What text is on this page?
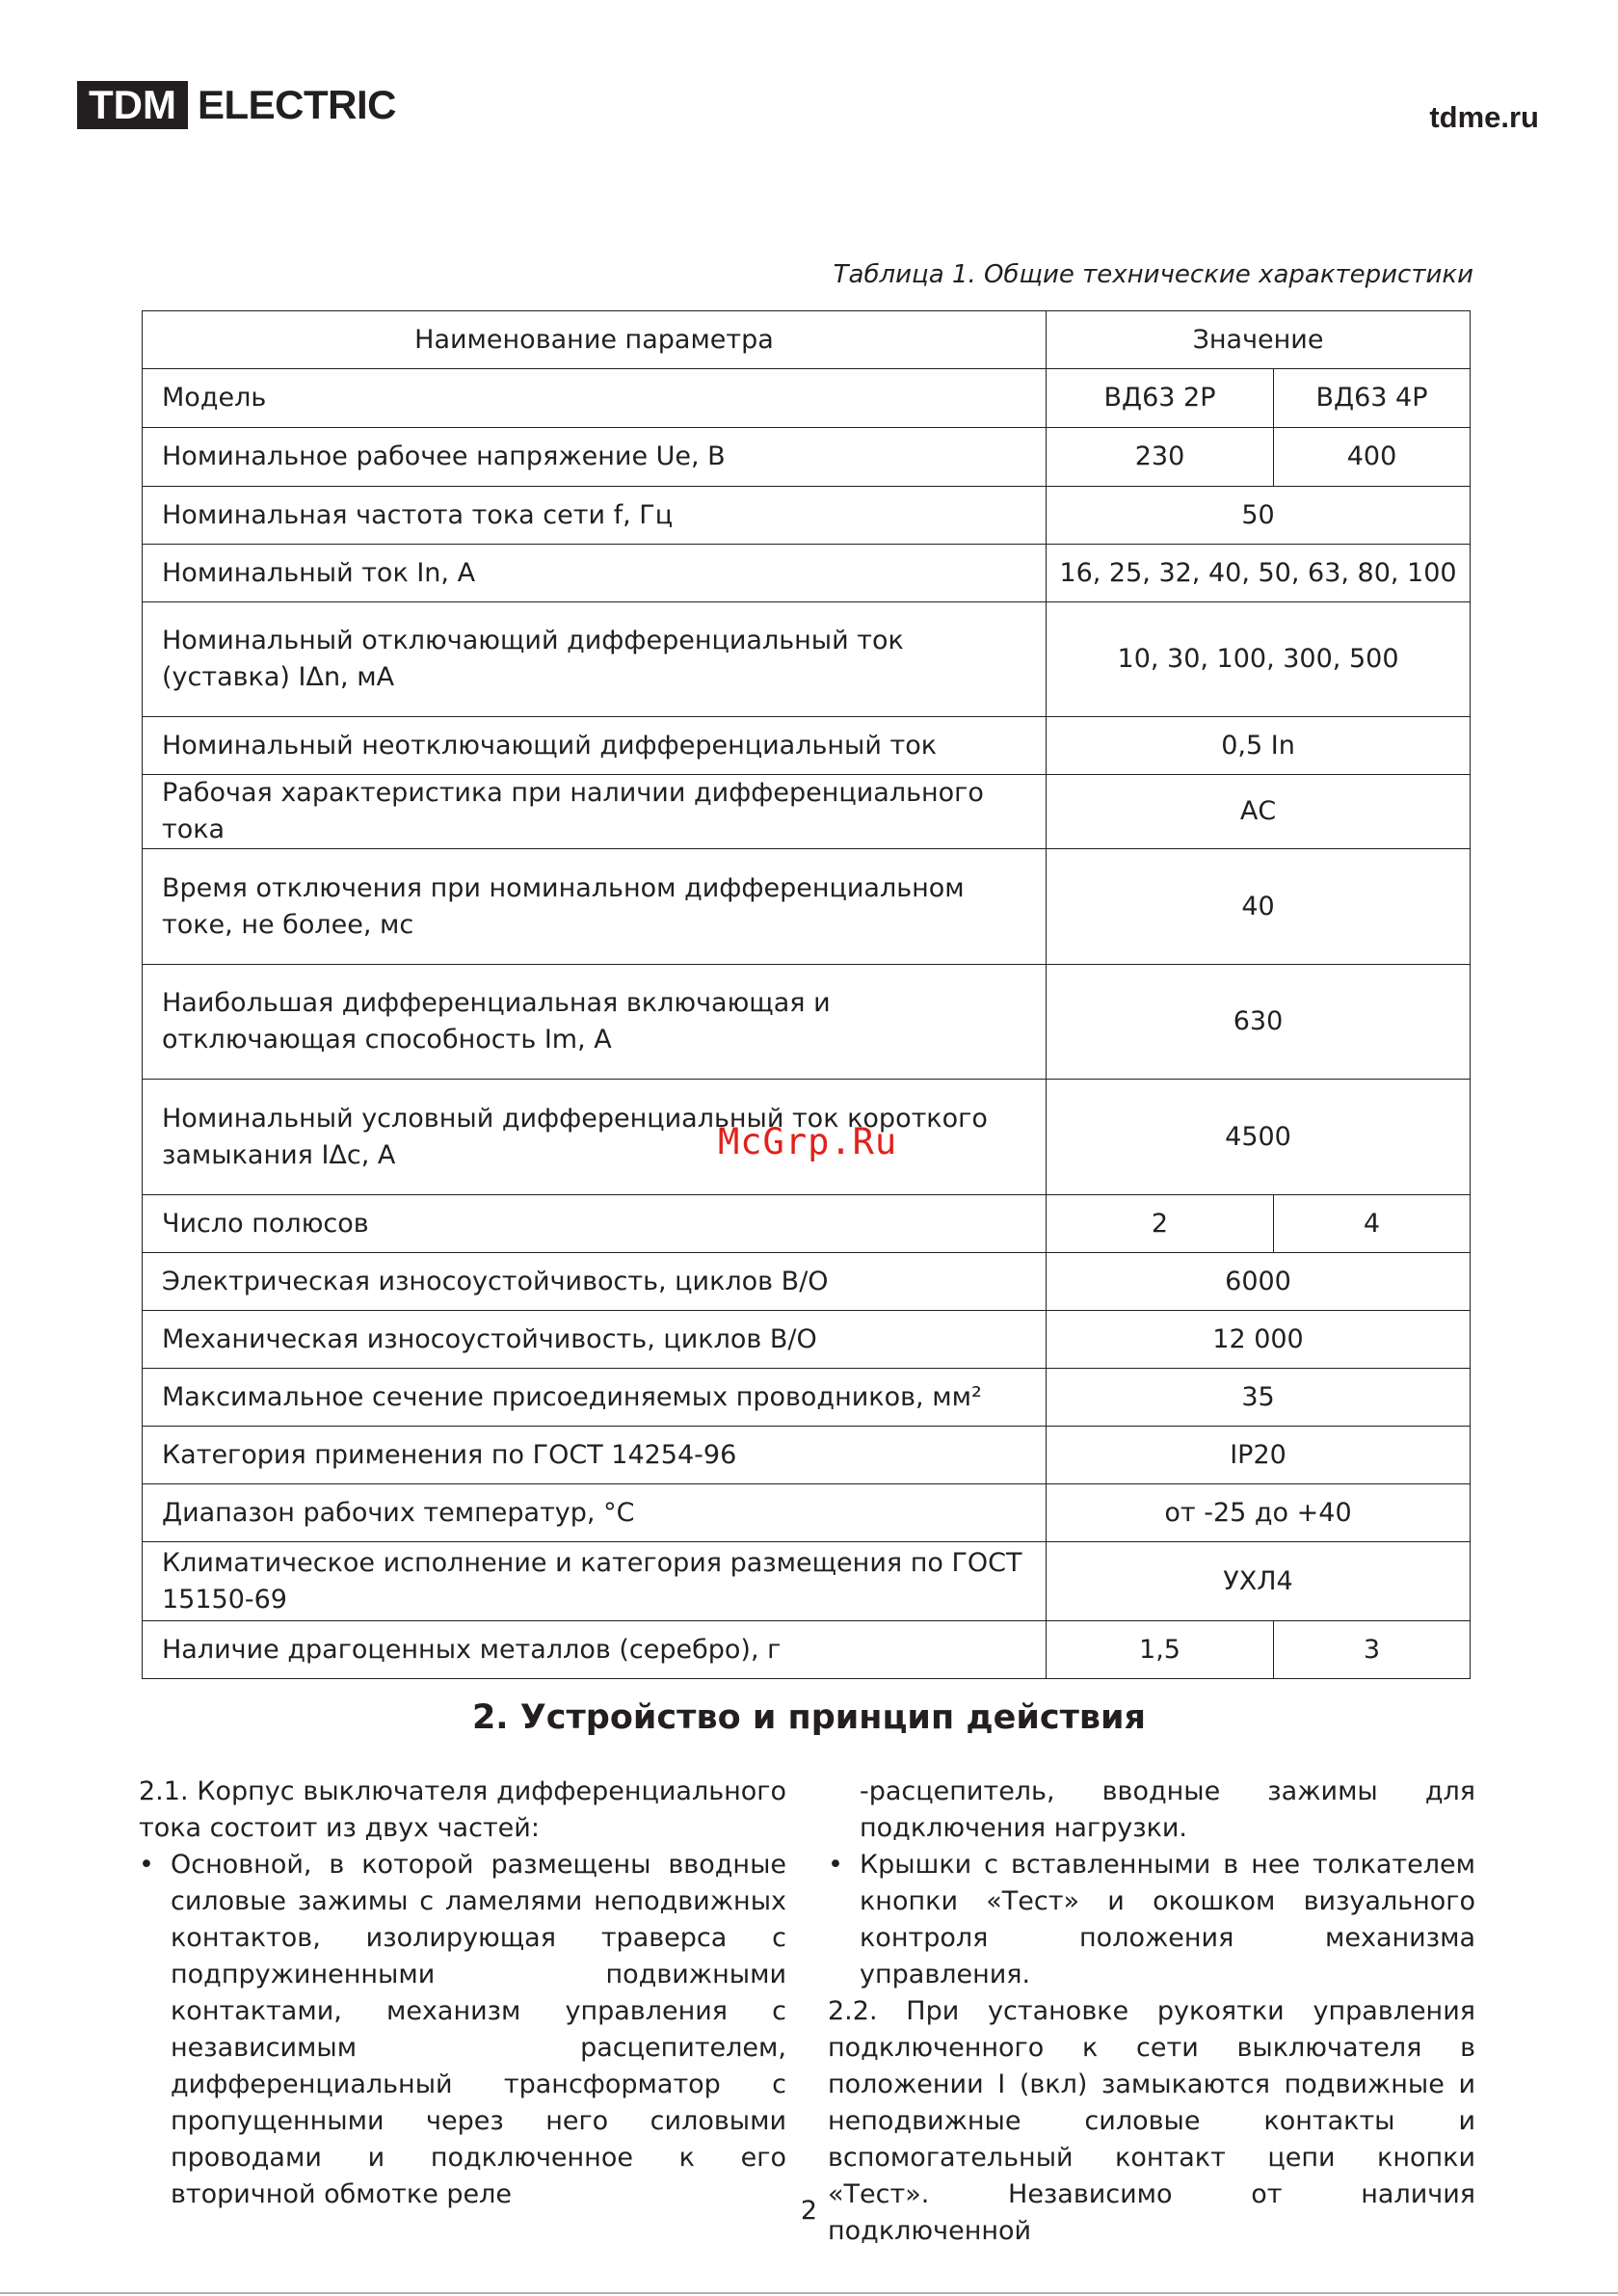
TDM ELECTRIC	tdme.ru
Таблица 1. Общие технические характеристики
Наименование параметра	Значение	
Модель	ВД63 2Р	ВД63 4Р
Номинальное рабочее напряжение Ue, В	230	400
Номинальная частота тока сети f, Гц	50	
Номинальный ток In, А	16, 25, 32, 40, 50, 63, 80, 100	
Номинальный отключающий дифференциальный ток (уставка) IΔn, мА	10, 30, 100, 300, 500	
Номинальный неотключающий дифференциальный ток	0,5 In	
Рабочая характеристика при наличии дифференциального тока	АС	
Время отключения при номинальном дифференциальном токе, не более, мс	40	
Наибольшая дифференциальная включающая и отключающая способность Im, А	630	
Номинальный условный дифференциальный ток короткого замыкания IΔc, А	4500	
Число полюсов	2	4
Электрическая износоустойчивость, циклов В/О	6000	
Механическая износоустойчивость, циклов В/О	12 000	
Максимальное сечение присоединяемых проводников, мм²	35	
Категория применения по ГОСТ 14254-96	IP20	
Диапазон рабочих температур, °С	от -25 до +40	
Климатическое исполнение и категория размещения по ГОСТ 15150-69	УХЛ4	
Наличие драгоценных металлов (серебро), г	1,5	3
McGrp.Ru
2. Устройство и принцип действия

2.1. Корпус выключателя дифференциального тока состоит из двух частей:

• Основной, в которой размещены вводные силовые зажимы с ламелями неподвижных контактов, изолирующая траверса с подпружиненными подвижными контактами, механизм управления с независимым расцепителем, дифференциальный трансформатор с пропущенными через него силовыми проводами и подключенное к его вторичной обмотке реле

-расцепитель, вводные зажимы для подключения нагрузки.

• Крышки с вставленными в нее толкателем кнопки «Тест» и окошком визуального контроля положения механизма управления.

2.2. При установке рукоятки управления подключенного к сети выключателя в положении I (вкл) замыкаются подвижные и неподвижные силовые контакты и вспомогательный контакт цепи кнопки «Тест». Независимо от наличия подключенной

2
